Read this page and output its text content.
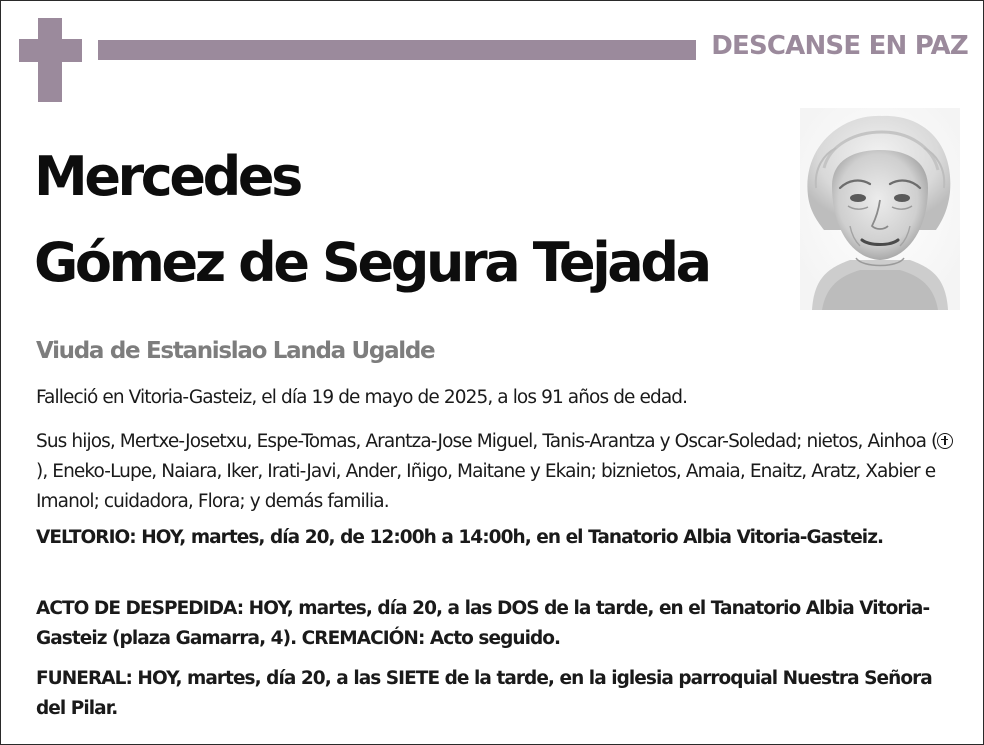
DESCANSE EN PAZ
Mercedes
Gómez de Segura Tejada
Viuda de Estanislao Landa Ugalde
Falleció en Vitoria-Gasteiz, el día 19 de mayo de 2025, a los 91 años de edad.
Sus hijos, Mertxe-Josetxu, Espe-Tomas, Arantza-Jose Miguel, Tanis-Arantza y Oscar-Soledad; nietos, Ainhoa (), Eneko-Lupe, Naiara, Iker, Irati-Javi, Ander, Iñigo, Maitane y Ekain; biznietos, Amaia, Enaitz, Aratz, Xabier e Imanol; cuidadora, Flora; y demás familia.
VELTORIO: HOY, martes, día 20, de 12:00h a 14:00h, en el Tanatorio Albia Vitoria-Gasteiz.
ACTO DE DESPEDIDA: HOY, martes, día 20, a las DOS de la tarde, en el Tanatorio Albia Vitoria-Gasteiz (plaza Gamarra, 4). CREMACIÓN: Acto seguido.
FUNERAL: HOY, martes, día 20, a las SIETE de la tarde, en la iglesia parroquial Nuestra Señora del Pilar.
